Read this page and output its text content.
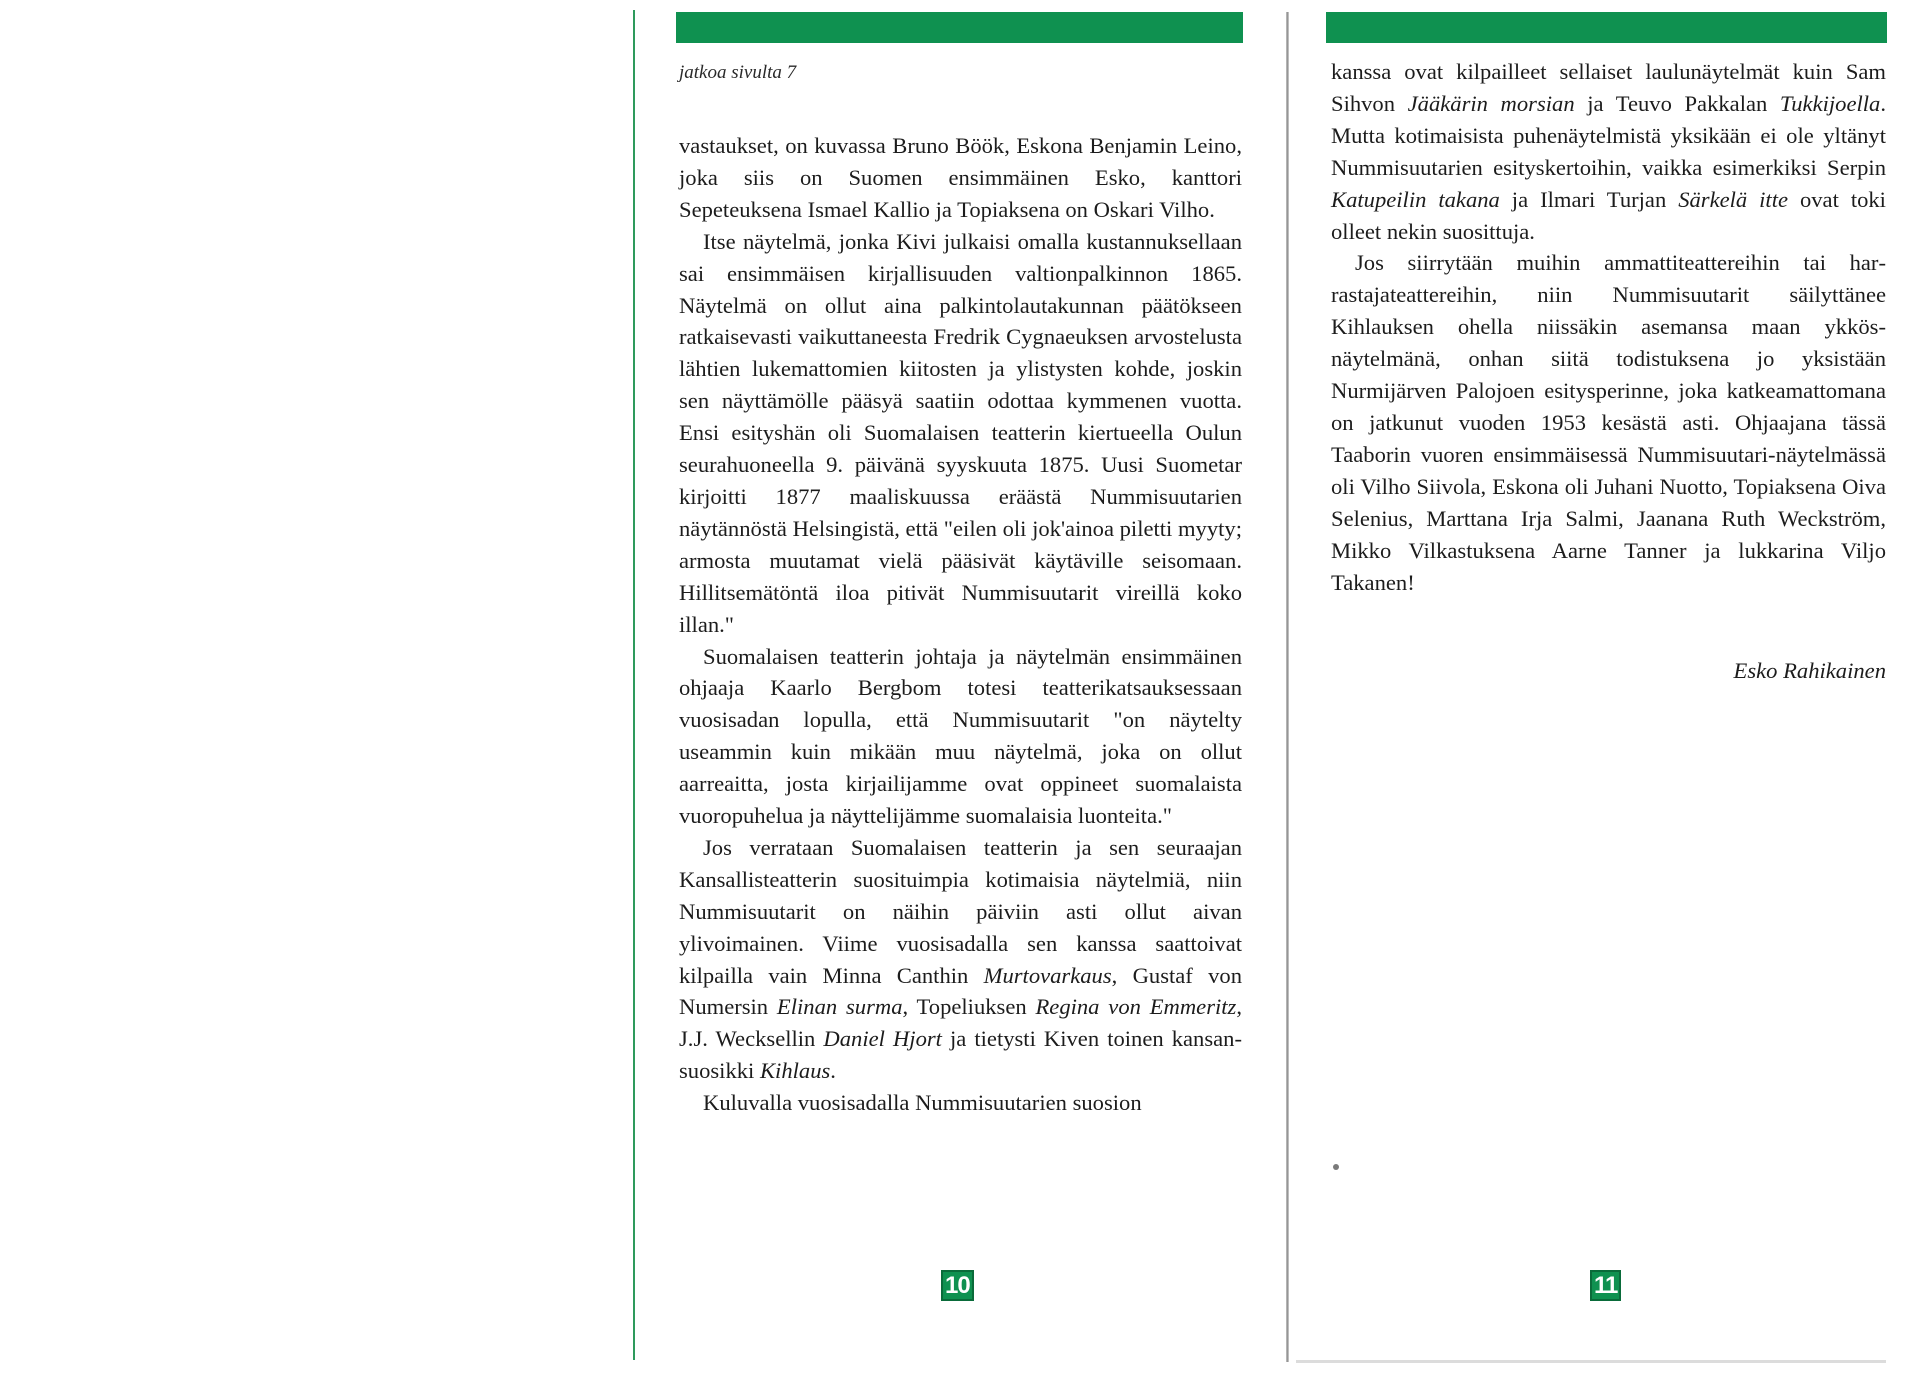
jatkoa sivulta 7

vastaukset, on kuvassa Bruno Böök, Eskona Benjamin Leino, joka siis on Suomen ensimmäinen Esko, kanttori Sepeteuksena Ismael Kallio ja Topiaksena on Oskari Vilho.

Itse näytelmä, jonka Kivi julkaisi omalla kustannuksellaan sai ensimmäisen kirjallisuuden valtionpalkinnon 1865. Näytelmä on ollut aina palkintolautakunnan päätökseen ratkaisevasti vaikuttaneesta Fredrik Cygnaeuksen arvostelusta lähtien lukemattomien kiitosten ja ylistysten kohde, joskin sen näyttämölle pääsyä saatiin odottaa kymmenen vuotta. Ensi esityshän oli Suomalaisen teatterin kiertueella Oulun seurahuoneella 9. päivänä syyskuuta 1875. Uusi Suometar kirjoitti 1877 maaliskuussa eräästä Nummisuutarien näytännöstä Helsingistä, että "eilen oli jok'ainoa piletti myyty; armosta muutamat vielä pääsivät käytäville seisomaan. Hillitsemätöntä iloa pitivät Nummisuutarit vireillä koko illan."

Suomalaisen teatterin johtaja ja näytelmän ensimmäinen ohjaaja Kaarlo Bergbom totesi teatterikatsauksessaan vuosisadan lopulla, että Nummisuutarit "on näytelty useammin kuin mikään muu näytelmä, joka on ollut aarreaitta, josta kirjailijamme ovat oppineet suomalaista vuoropuhelua ja näyttelijämme suomalaisia luonteita."

Jos verrataan Suomalaisen teatterin ja sen seuraajan Kansallisteatterin suosituimpia kotimaisia näytelmiä, niin Nummisuutarit on näihin päiviin asti ollut aivan ylivoimainen. Viime vuosisadalla sen kanssa saattoivat kilpailla vain Minna Canthin Murtovarkaus, Gustaf von Numersin Elinan surma, Topeliuksen Regina von Emmeritz, J.J. Wecksellin Daniel Hjort ja tietysti Kiven toinen kansansuosikki Kihlaus.

Kuluvalla vuosisadalla Nummisuutarien suosion

10

kanssa ovat kilpailleet sellaiset laulunäytelmät kuin Sam Sihvon Jääkärin morsian ja Teuvo Pakkalan Tukkijoella. Mutta kotimaisista puhenäytelmistä yksikään ei ole yltänyt Nummisuutarien esityskertoihin, vaikka esimerkiksi Serpin Katupeilin takana ja Ilmari Turjan Särkelä itte ovat toki olleet nekin suosittuja.

Jos siirrytään muihin ammattiteattereihin tai harrastajateattereihin, niin Nummisuutarit säilyttänee Kihlauksen ohella niissäkin asemansa maan ykkösnäytelmänä, onhan siitä todistuksena jo yksistään Nurmijärven Palojoen esitysperinne, joka katkeamattomana on jatkunut vuoden 1953 kesästä asti. Ohjaajana tässä Taaborin vuoren ensimmäisessä Nummisuutari-näytelmässä oli Vilho Siivola, Eskona oli Juhani Nuotto, Topiaksena Oiva Selenius, Marttana Irja Salmi, Jaanana Ruth Weckström, Mikko Vilkastuksena Aarne Tanner ja lukkarina Viljo Takanen!

Esko Rahikainen
11
